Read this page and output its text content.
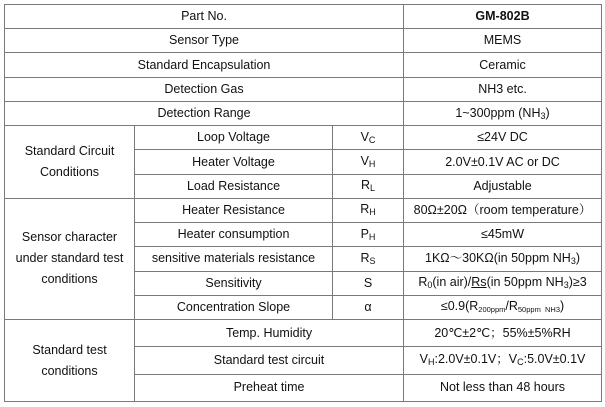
Part No.			GM-802B
Sensor Type			MEMS
Standard Encapsulation			Ceramic
Detection Gas			NH3 etc.
Detection Range			1~300ppm (NH3)
Standard Circuit Conditions	Loop Voltage	VC	≤24V DC
	Heater Voltage	VH	2.0V±0.1V AC or DC
	Load Resistance	RL	Adjustable
Sensor character under standard test conditions	Heater Resistance	RH	80Ω±20Ω（room temperature）
	Heater consumption	PH	≤45mW
	sensitive materials resistance	RS	1KΩ～30KΩ(in 50ppm NH3)
	Sensitivity	S	R0(in air)/Rs(in 50ppm NH3)≥3
	Concentration Slope	α	≤0.9(R200ppm/R50ppm  NH3)
Standard test conditions	Temp. Humidity		20℃±2℃；55%±5%RH
	Standard test circuit		VH:2.0V±0.1V；VC:5.0V±0.1V
	Preheat time		Not less than 48 hours
